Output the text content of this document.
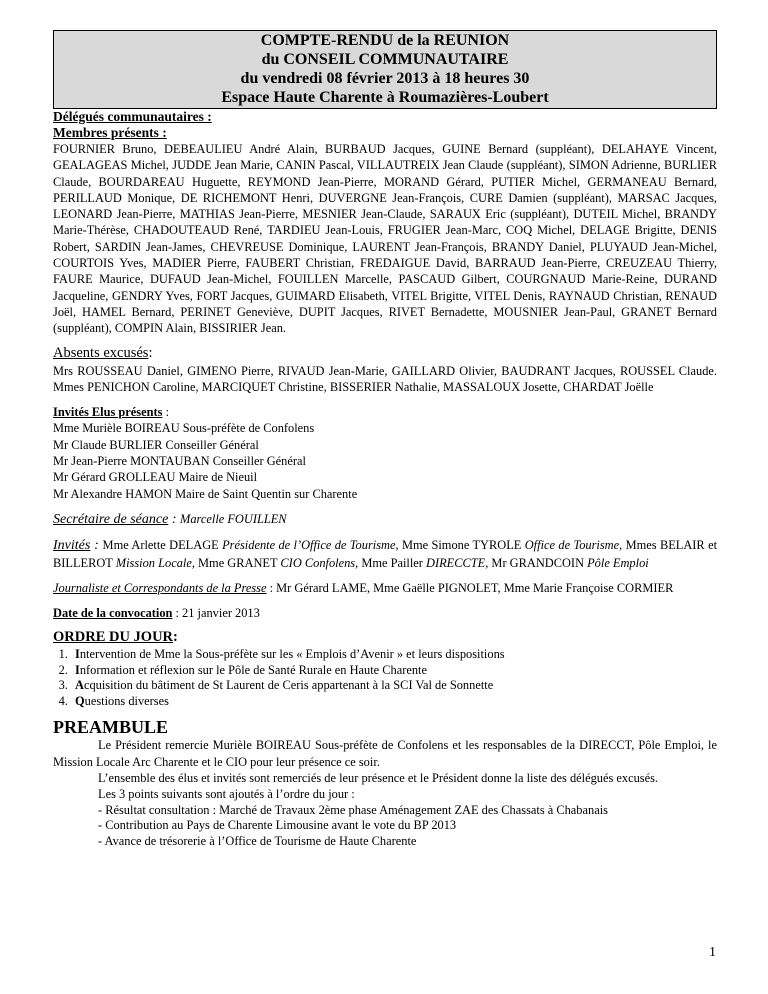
COMPTE-RENDU de la REUNION
du CONSEIL COMMUNAUTAIRE
du vendredi 08 février 2013 à 18 heures 30
Espace Haute Charente à Roumazières-Loubert

Délégués communautaires :

Membres présents :

FOURNIER Bruno, DEBEAULIEU André Alain, BURBAUD Jacques, GUINE Bernard (suppléant), DELAHAYE Vincent, GEALAGEAS Michel, JUDDE Jean Marie, CANIN Pascal, VILLAUTREIX Jean Claude (suppléant), SIMON Adrienne, BURLIER Claude, BOURDAREAU Huguette, REYMOND Jean-Pierre, MORAND Gérard, PUTIER Michel, GERMANEAU Bernard, PERILLAUD Monique, DE RICHEMONT Henri, DUVERGNE Jean-François, CURE Damien (suppléant), MARSAC Jacques, LEONARD Jean-Pierre, MATHIAS Jean-Pierre, MESNIER Jean-Claude, SARAUX Eric (suppléant), DUTEIL Michel, BRANDY Marie-Thérèse, CHADOUTEAUD René, TARDIEU Jean-Louis, FRUGIER Jean-Marc, COQ Michel, DELAGE Brigitte, DENIS Robert, SARDIN Jean-James, CHEVREUSE Dominique, LAURENT Jean-François, BRANDY Daniel, PLUYAUD Jean-Michel, COURTOIS Yves, MADIER Pierre, FAUBERT Christian, FREDAIGUE David, BARRAUD Jean-Pierre, CREUZEAU Thierry, FAURE Maurice, DUFAUD Jean-Michel, FOUILLEN Marcelle, PASCAUD Gilbert, COURGNAUD Marie-Reine, DURAND Jacqueline, GENDRY Yves, FORT Jacques, GUIMARD Elisabeth, VITEL Brigitte, VITEL Denis, RAYNAUD Christian, RENAUD Joël, HAMEL Bernard, PERINET Geneviève, DUPIT Jacques, RIVET Bernadette, MOUSNIER Jean-Paul, GRANET Bernard (suppléant), COMPIN Alain, BISSIRIER Jean.

Absents excusés:

Mrs ROUSSEAU Daniel, GIMENO Pierre, RIVAUD Jean-Marie, GAILLARD Olivier, BAUDRANT Jacques, ROUSSEL Claude. Mmes PENICHON Caroline, MARCIQUET Christine, BISSERIER Nathalie, MASSALOUX Josette, CHARDAT Joëlle

Invités Elus présents :
Mme Murièle BOIREAU Sous-préfète de Confolens
Mr Claude BURLIER Conseiller Général
Mr Jean-Pierre MONTAUBAN Conseiller Général
Mr Gérard GROLLEAU Maire de Nieuil
Mr Alexandre HAMON Maire de Saint Quentin sur Charente
Secrétaire de séance : Marcelle FOUILLEN

Invités : Mme Arlette DELAGE Présidente de l’Office de Tourisme, Mme Simone TYROLE Office de Tourisme, Mmes BELAIR et BILLEROT Mission Locale, Mme GRANET CIO Confolens, Mme Pailler DIRECCTE, Mr GRANDCOIN Pôle Emploi

Journaliste et Correspondants de la Presse : Mr Gérard LAME, Mme Gaëlle PIGNOLET, Mme Marie Françoise CORMIER

Date de la convocation : 21 janvier 2013

ORDRE DU JOUR:
1. Intervention de Mme la Sous-préfète sur les « Emplois d’Avenir » et leurs dispositions
2. Information et réflexion sur le Pôle de Santé Rurale en Haute Charente
3. Acquisition du bâtiment de St Laurent de Ceris appartenant à la SCI Val de Sonnette
4. Questions diverses

PREAMBULE

Le Président remercie Murièle BOIREAU Sous-préfète de Confolens et les responsables de la DIRECCT, Pôle Emploi, le Mission Locale Arc Charente et le CIO pour leur présence ce soir.

L’ensemble des élus et invités sont remerciés de leur présence et le Président donne la liste des délégués excusés.

Les 3 points suivants sont ajoutés à l’ordre du jour :

- Résultat consultation : Marché de Travaux 2ème phase Aménagement ZAE des Chassats à Chabanais
- Contribution au Pays de Charente Limousine avant le vote du BP 2013
- Avance de trésorerie à l’Office de Tourisme de Haute Charente
1
